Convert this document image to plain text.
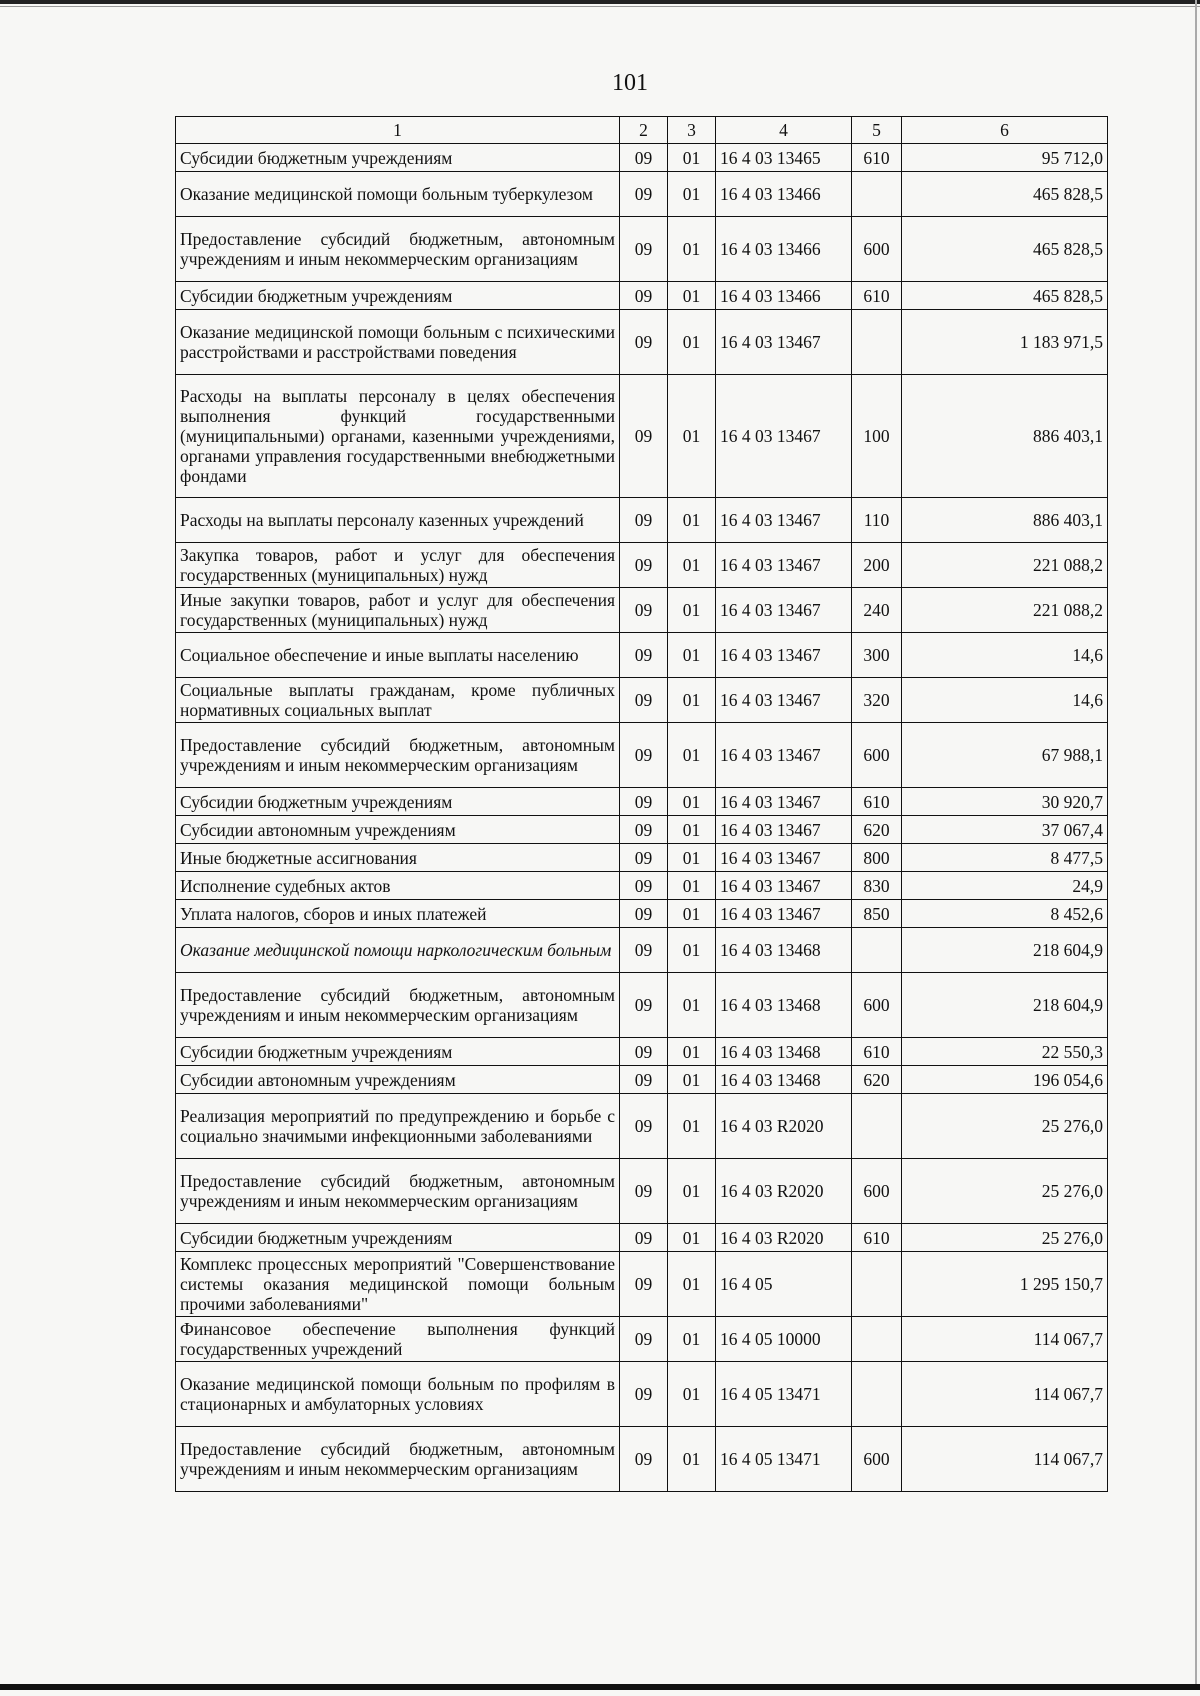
101
1	2	3	4	5	6
Субсидии бюджетным учреждениям	09	01	16 4 03 13465	610	95 712,0
Оказание медицинской помощи больным туберкулезом	09	01	16 4 03 13466		465 828,5
Предоставление субсидий бюджетным, автономным учреждениям и иным некоммерческим организациям	09	01	16 4 03 13466	600	465 828,5
Субсидии бюджетным учреждениям	09	01	16 4 03 13466	610	465 828,5
Оказание медицинской помощи больным с психическими расстройствами и расстройствами поведения	09	01	16 4 03 13467		1 183 971,5
Расходы на выплаты персоналу в целях обеспечения выполнения функций государственными (муниципальными) органами, казенными учреждениями, органами управления государственными внебюджетными фондами	09	01	16 4 03 13467	100	886 403,1
Расходы на выплаты персоналу казенных учреждений	09	01	16 4 03 13467	110	886 403,1
Закупка товаров, работ и услуг для обеспечения государственных (муниципальных) нужд	09	01	16 4 03 13467	200	221 088,2
Иные закупки товаров, работ и услуг для обеспечения государственных (муниципальных) нужд	09	01	16 4 03 13467	240	221 088,2
Социальное обеспечение и иные выплаты населению	09	01	16 4 03 13467	300	14,6
Социальные выплаты гражданам, кроме публичных нормативных социальных выплат	09	01	16 4 03 13467	320	14,6
Предоставление субсидий бюджетным, автономным учреждениям и иным некоммерческим организациям	09	01	16 4 03 13467	600	67 988,1
Субсидии бюджетным учреждениям	09	01	16 4 03 13467	610	30 920,7
Субсидии автономным учреждениям	09	01	16 4 03 13467	620	37 067,4
Иные бюджетные ассигнования	09	01	16 4 03 13467	800	8 477,5
Исполнение судебных актов	09	01	16 4 03 13467	830	24,9
Уплата налогов, сборов и иных платежей	09	01	16 4 03 13467	850	8 452,6
Оказание медицинской помощи наркологическим больным	09	01	16 4 03 13468		218 604,9
Предоставление субсидий бюджетным, автономным учреждениям и иным некоммерческим организациям	09	01	16 4 03 13468	600	218 604,9
Субсидии бюджетным учреждениям	09	01	16 4 03 13468	610	22 550,3
Субсидии автономным учреждениям	09	01	16 4 03 13468	620	196 054,6
Реализация мероприятий по предупреждению и борьбе с социально значимыми инфекционными заболеваниями	09	01	16 4 03 R2020		25 276,0
Предоставление субсидий бюджетным, автономным учреждениям и иным некоммерческим организациям	09	01	16 4 03 R2020	600	25 276,0
Субсидии бюджетным учреждениям	09	01	16 4 03 R2020	610	25 276,0
Комплекс процессных мероприятий "Совершенствование системы оказания медицинской помощи больным прочими заболеваниями"	09	01	16 4 05		1 295 150,7
Финансовое обеспечение выполнения функций государственных учреждений	09	01	16 4 05 10000		114 067,7
Оказание медицинской помощи больным по профилям в стационарных и амбулаторных условиях	09	01	16 4 05 13471		114 067,7
Предоставление субсидий бюджетным, автономным учреждениям и иным некоммерческим организациям	09	01	16 4 05 13471	600	114 067,7
